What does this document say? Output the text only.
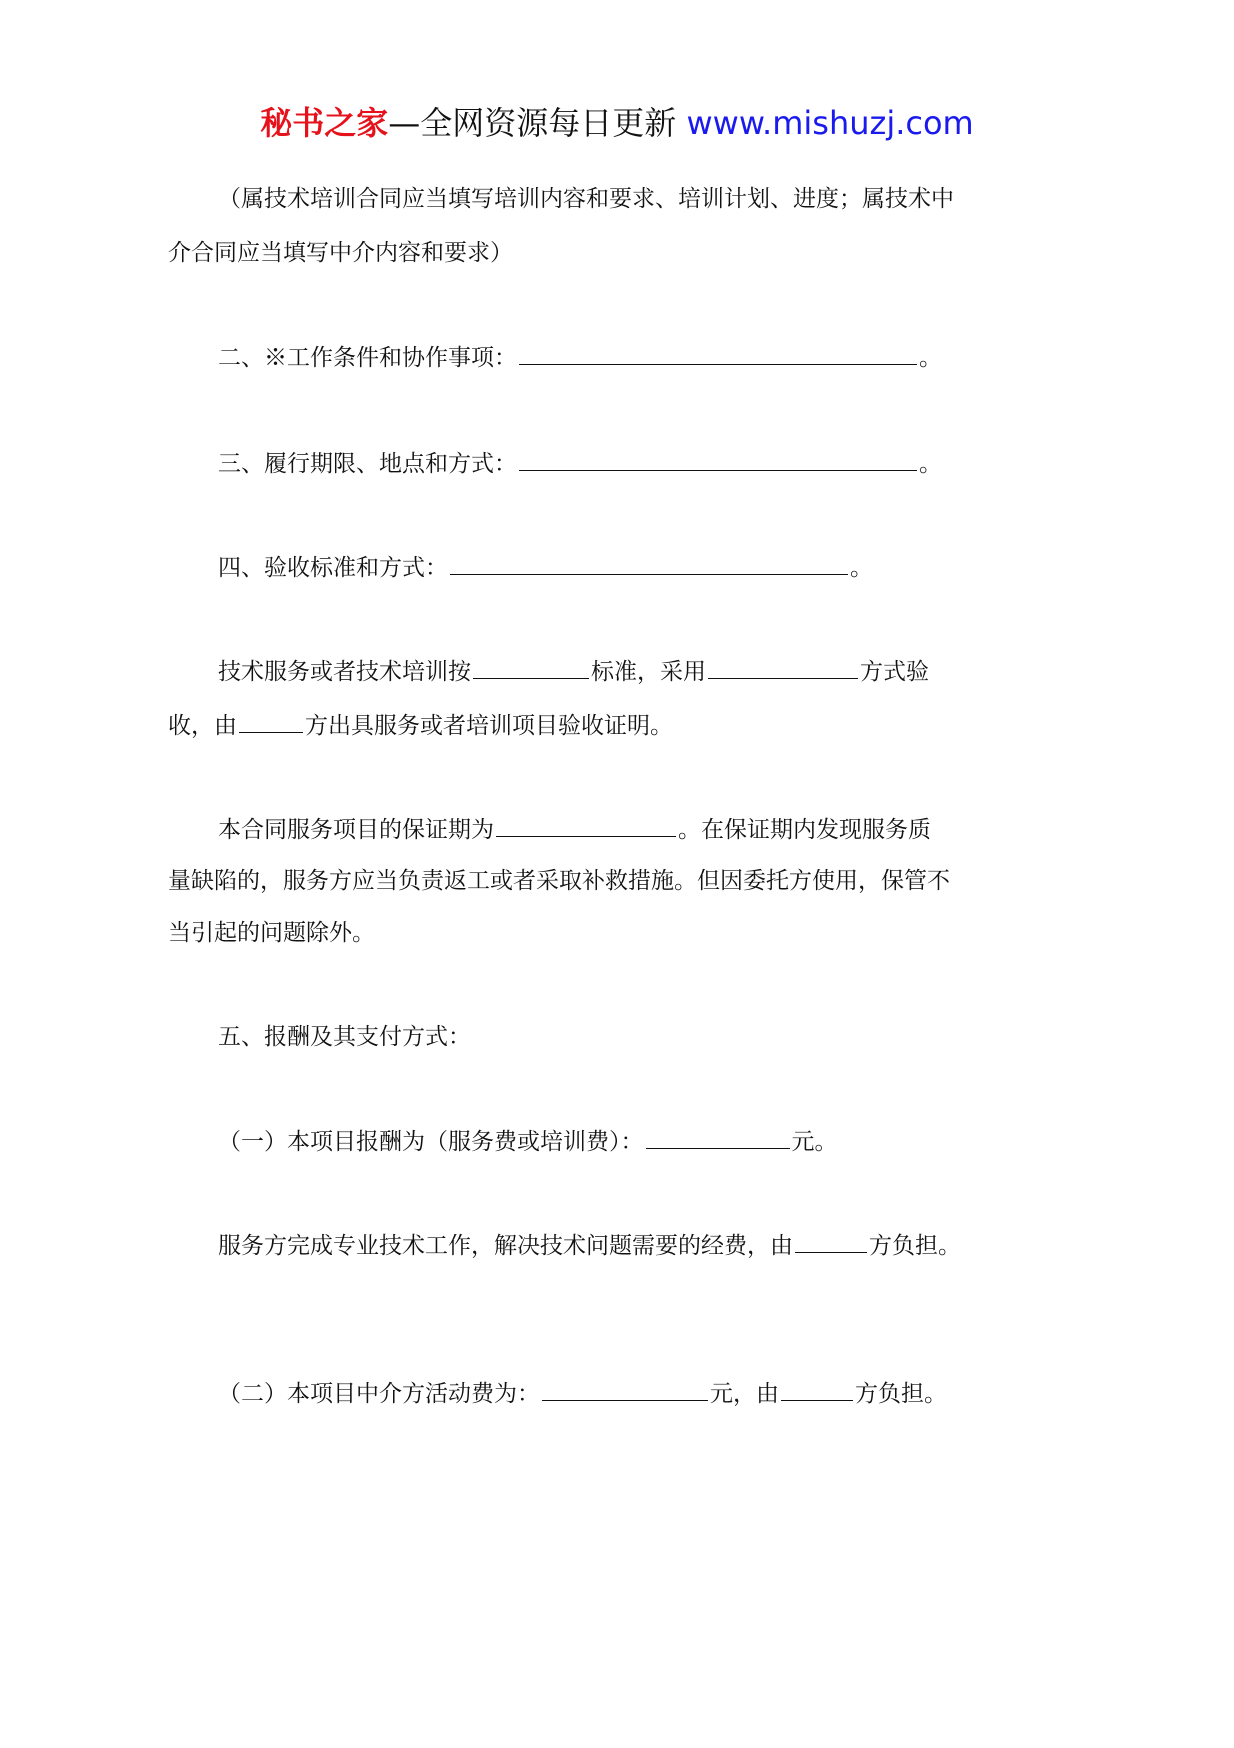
秘书之家—全网资源每日更新 www.mishuzj.com
（属技术培训合同应当填写培训内容和要求、培训计划、进度；属技术中
介合同应当填写中介内容和要求）
二、※工作条件和协作事项：	。
三、履行期限、地点和方式：	。
四、验收标准和方式：	。
技术服务或者技术培训按	标准，采用	方式验
收，由	方出具服务或者培训项目验收证明。
本合同服务项目的保证期为	。在保证期内发现服务质
量缺陷的，服务方应当负责返工或者采取补救措施。但因委托方使用，保管不
当引起的问题除外。
五、报酬及其支付方式：
（一）本项目报酬为（服务费或培训费）：	元。
服务方完成专业技术工作，解决技术问题需要的经费，由	方负担。
（二）本项目中介方活动费为：	元，由	方负担。
